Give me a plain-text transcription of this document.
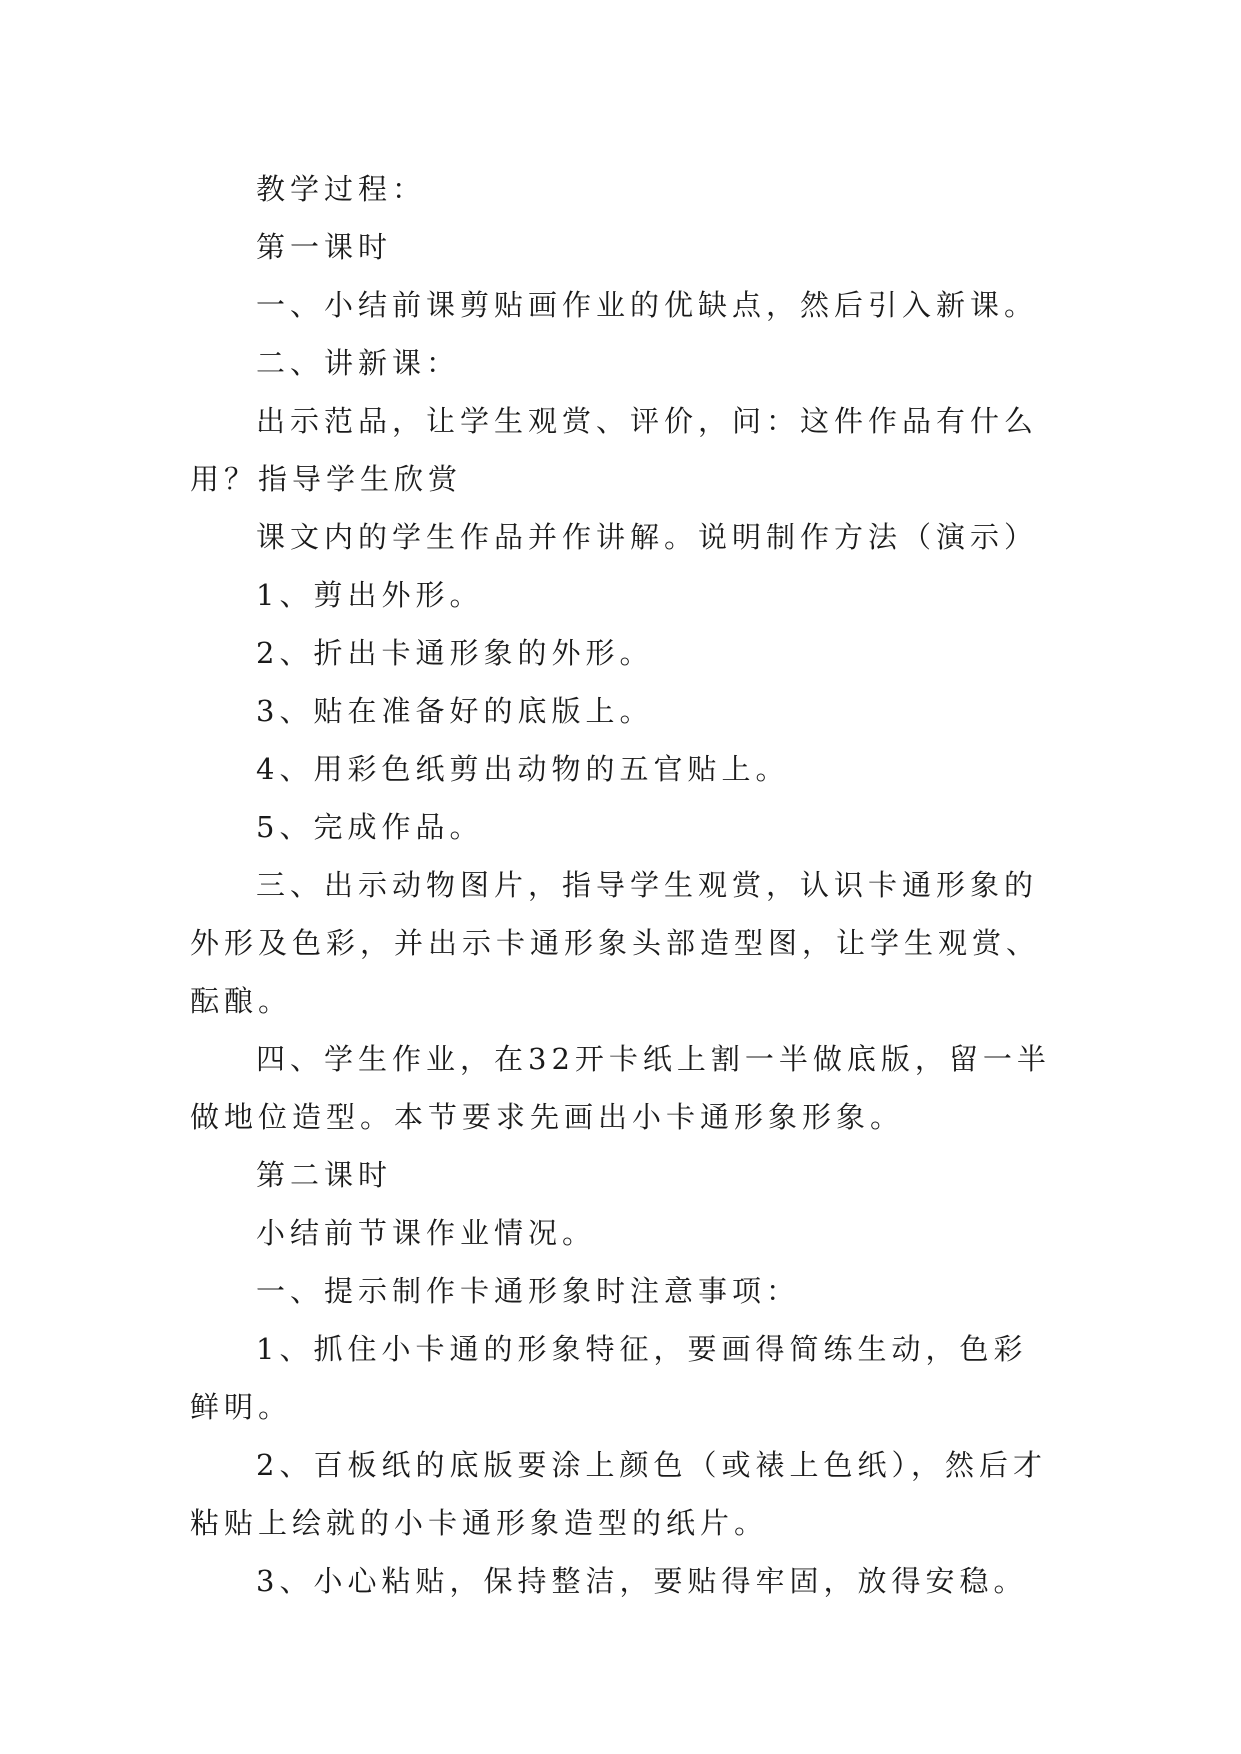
教学过程：

第一课时

一、小结前课剪贴画作业的优缺点，然后引入新课。

二、讲新课：

出示范品，让学生观赏、评价，问：这件作品有什么用？指导学生欣赏

课文内的学生作品并作讲解。说明制作方法（演示）

1、剪出外形。

2、折出卡通形象的外形。

3、贴在准备好的底版上。

4、用彩色纸剪出动物的五官贴上。

5、完成作品。

三、出示动物图片，指导学生观赏，认识卡通形象的外形及色彩，并出示卡通形象头部造型图，让学生观赏、酝酿。

四、学生作业，在32开卡纸上割一半做底版，留一半做地位造型。本节要求先画出小卡通形象形象。

第二课时

小结前节课作业情况。

一、提示制作卡通形象时注意事项：

1、抓住小卡通的形象特征，要画得简练生动，色彩鲜明。

2、百板纸的底版要涂上颜色（或裱上色纸），然后才粘贴上绘就的小卡通形象造型的纸片。

3、小心粘贴，保持整洁，要贴得牢固，放得安稳。
